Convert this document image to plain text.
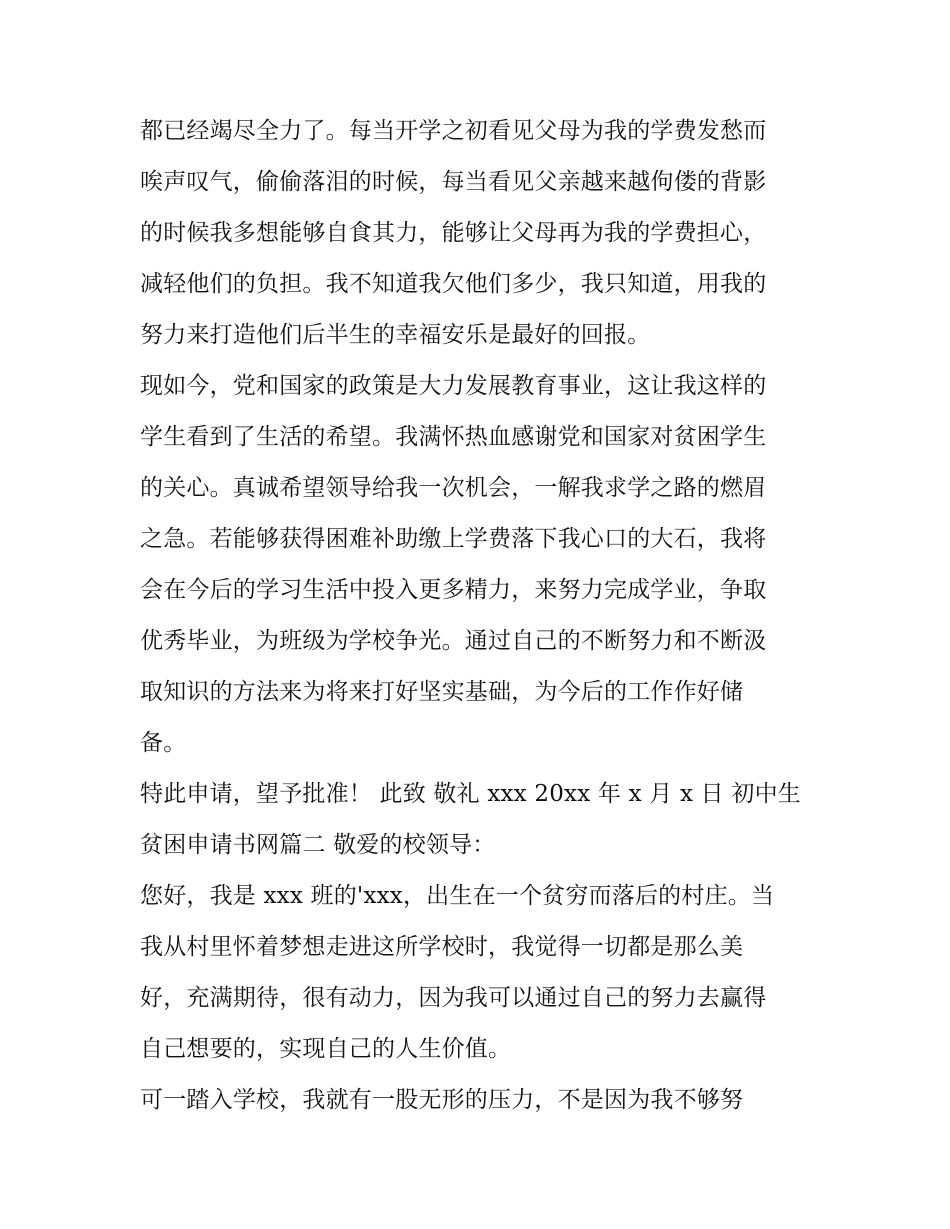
都已经竭尽全力了。每当开学之初看见父母为我的学费发愁而
唉声叹气，偷偷落泪的时候，每当看见父亲越来越佝偻的背影
的时候我多想能够自食其力，能够让父母再为我的学费担心，
减轻他们的负担。我不知道我欠他们多少，我只知道，用我的
努力来打造他们后半生的幸福安乐是最好的回报。
现如今，党和国家的政策是大力发展教育事业，这让我这样的
学生看到了生活的希望。我满怀热血感谢党和国家对贫困学生
的关心。真诚希望领导给我一次机会，一解我求学之路的燃眉
之急。若能够获得困难补助缴上学费落下我心口的大石，我将
会在今后的学习生活中投入更多精力，来努力完成学业，争取
优秀毕业，为班级为学校争光。通过自己的不断努力和不断汲
取知识的方法来为将来打好坚实基础，为今后的工作作好储
备。
特此申请，望予批准！ 此致 敬礼 xxx 20xx 年 x 月 x 日 初中生
贫困申请书网篇二 敬爱的校领导：
您好，我是 xxx 班的'xxx，出生在一个贫穷而落后的村庄。当
我从村里怀着梦想走进这所学校时，我觉得一切都是那么美
好，充满期待，很有动力，因为我可以通过自己的努力去赢得
自己想要的，实现自己的人生价值。
可一踏入学校，我就有一股无形的压力，不是因为我不够努
